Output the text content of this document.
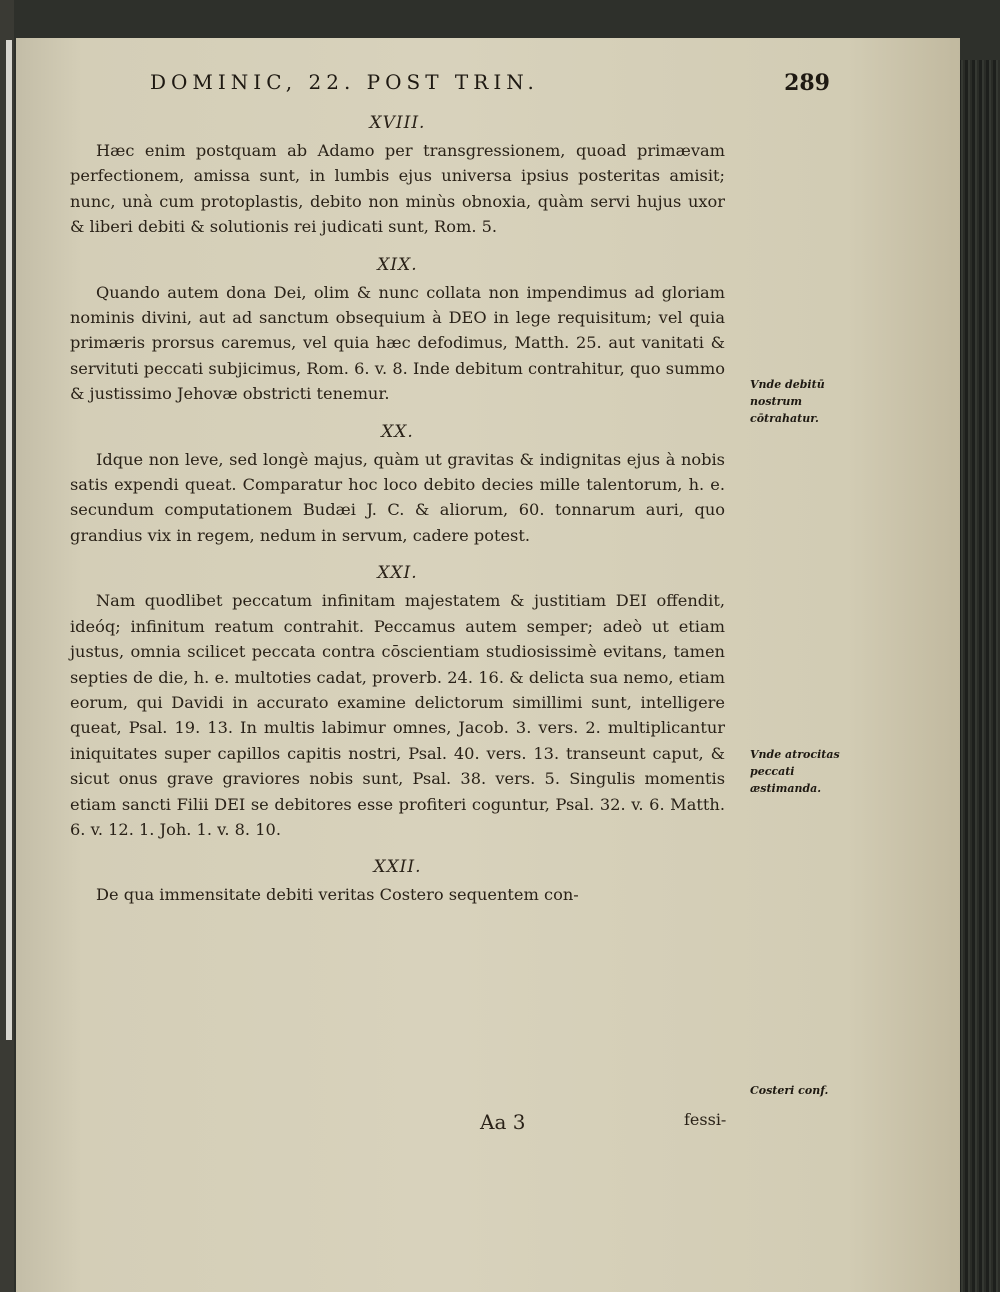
DOMINIC, 22. POST TRIN.	289
XVIII.

Hæc enim postquam ab Adamo per transgressionem, quoad primævam perfectionem, amissa sunt, in lumbis ejus universa ipsius posteritas amisit; nunc, unà cum protoplastis, debito non minùs obnoxia, quàm servi hujus uxor & liberi debiti & solutionis rei judicati sunt, Rom. 5.

XIX.

Quando autem dona Dei, olim & nunc collata non impendimus ad gloriam nominis divini, aut ad sanctum obsequium à DEO in lege requisitum; vel quia primæris prorsus caremus, vel quia hæc defodimus, Matth. 25. aut vanitati & servituti peccati subjicimus, Rom. 6. v. 8. Inde debitum contrahitur, quo summo & justissimo Jehovæ obstricti tenemur.

XX.

Idque non leve, sed longè majus, quàm ut gravitas & indignitas ejus à nobis satis expendi queat. Comparatur hoc loco debito decies mille talentorum, h. e. secundum computationem Budæi J. C. & aliorum, 60. tonnarum auri, quo grandius vix in regem, nedum in servum, cadere potest.

XXI.

Nam quodlibet peccatum infinitam majestatem & justitiam DEI offendit, ideóq; infinitum reatum contrahit. Peccamus autem semper; adeò ut etiam justus, omnia scilicet peccata contra cōscientiam studiosissimè evitans, tamen septies de die, h. e. multoties cadat, proverb. 24. 16. & delicta sua nemo, etiam eorum, qui Davidi in accurato examine delictorum simillimi sunt, intelligere queat, Psal. 19. 13. In multis labimur omnes, Jacob. 3. vers. 2. multiplicantur iniquitates super capillos capitis nostri, Psal. 40. vers. 13. transeunt caput, & sicut onus grave graviores nobis sunt, Psal. 38. vers. 5. Singulis momentis etiam sancti Filii DEI se debitores esse profiteri coguntur, Psal. 32. v. 6. Matth. 6. v. 12. 1. Joh. 1. v. 8. 10.

XXII.

De qua immensitate debiti veritas Costero sequentem con-

Vnde debitū nostrum cōtrahatur.
Vnde atrocitas peccati æstimanda.
Costeri conf.
Aa 3	fessi-
